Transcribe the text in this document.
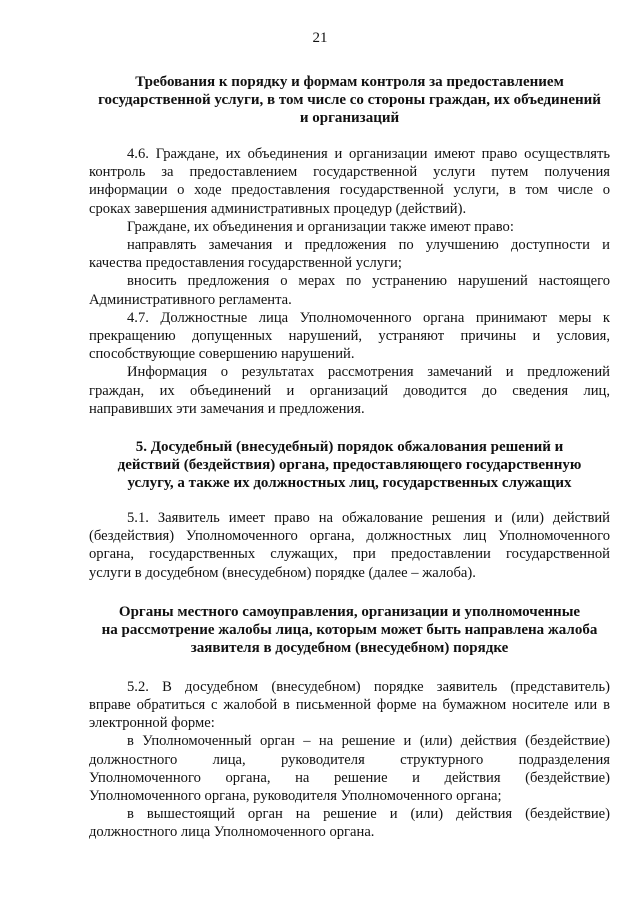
21
Требования к порядку и формам контроля за предоставлением
государственной услуги, в том числе со стороны граждан, их объединений
и организаций

4.6. Граждане, их объединения и организации имеют право осуществлять
контроль за предоставлением государственной услуги путем получения
информации о ходе предоставления государственной услуги, в том числе о
сроках завершения административных процедур (действий).

Граждане, их объединения и организации также имеют право:

направлять замечания и предложения по улучшению доступности и
качества предоставления государственной услуги;

вносить предложения о мерах по устранению нарушений настоящего
Административного регламента.

4.7. Должностные лица Уполномоченного органа принимают меры к
прекращению допущенных нарушений, устраняют причины и условия,
способствующие совершению нарушений.

Информация о результатах рассмотрения замечаний и предложений
граждан, их объединений и организаций доводится до сведения лиц,
направивших эти замечания и предложения.

5. Досудебный (внесудебный) порядок обжалования решений и
действий (бездействия) органа, предоставляющего государственную
услугу, а также их должностных лиц, государственных служащих

5.1. Заявитель имеет право на обжалование решения и (или) действий
(бездействия) Уполномоченного органа, должностных лиц Уполномоченного
органа, государственных служащих, при предоставлении государственной
услуги в досудебном (внесудебном) порядке (далее – жалоба).

Органы местного самоуправления, организации и уполномоченные
на рассмотрение жалобы лица, которым может быть направлена жалоба
заявителя в досудебном (внесудебном) порядке

5.2. В досудебном (внесудебном) порядке заявитель (представитель)
вправе обратиться с жалобой в письменной форме на бумажном носителе или в
электронной форме:

в Уполномоченный орган – на решение и (или) действия (бездействие)
должностного лица, руководителя структурного подразделения
Уполномоченного органа, на решение и действия (бездействие)
Уполномоченного органа, руководителя Уполномоченного органа;

в вышестоящий орган на решение и (или) действия (бездействие)
должностного лица Уполномоченного органа.
